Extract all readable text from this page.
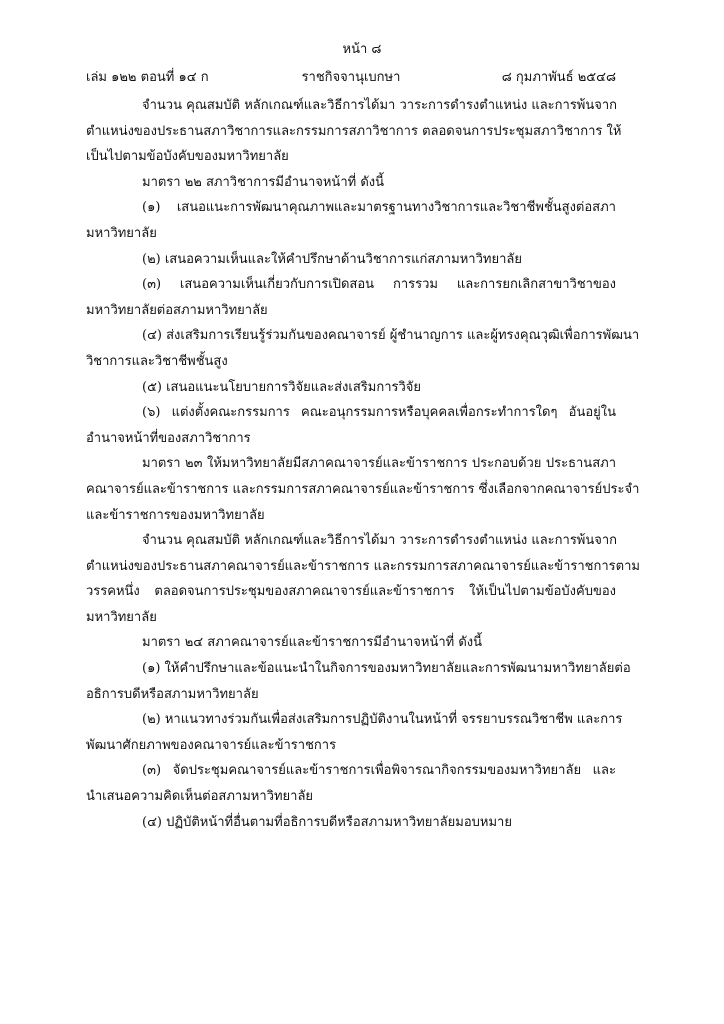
หน้า ๘
เล่ม ๑๒๒ ตอนที่ ๑๔ ก	ราชกิจจานุเบกษา	๘ กุมภาพันธ์ ๒๕๔๘
จำนวน คุณสมบัติ หลักเกณฑ์และวิธีการได้มา วาระการดำรงตำแหน่ง และการพ้นจาก
ตำแหน่งของประธานสภาวิชาการและกรรมการสภาวิชาการ ตลอดจนการประชุมสภาวิชาการ ให้
เป็นไปตามข้อบังคับของมหาวิทยาลัย
มาตรา ๒๒ สภาวิชาการมีอำนาจหน้าที่ ดังนี้
(๑) เสนอแนะการพัฒนาคุณภาพและมาตรฐานทางวิชาการและวิชาชีพชั้นสูงต่อสภา
มหาวิทยาลัย
(๒) เสนอความเห็นและให้คำปรึกษาด้านวิชาการแก่สภามหาวิทยาลัย
(๓) เสนอความเห็นเกี่ยวกับการเปิดสอน การรวม และการยกเลิกสาขาวิชาของ
มหาวิทยาลัยต่อสภามหาวิทยาลัย
(๔) ส่งเสริมการเรียนรู้ร่วมกันของคณาจารย์ ผู้ชำนาญการ และผู้ทรงคุณวุฒิเพื่อการพัฒนา
วิชาการและวิชาชีพชั้นสูง
(๕) เสนอแนะนโยบายการวิจัยและส่งเสริมการวิจัย
(๖) แต่งตั้งคณะกรรมการ คณะอนุกรรมการหรือบุคคลเพื่อกระทำการใดๆ อันอยู่ใน
อำนาจหน้าที่ของสภาวิชาการ
มาตรา ๒๓ ให้มหาวิทยาลัยมีสภาคณาจารย์และข้าราชการ ประกอบด้วย ประธานสภา
คณาจารย์และข้าราชการ และกรรมการสภาคณาจารย์และข้าราชการ ซึ่งเลือกจากคณาจารย์ประจำ
และข้าราชการของมหาวิทยาลัย
จำนวน คุณสมบัติ หลักเกณฑ์และวิธีการได้มา วาระการดำรงตำแหน่ง และการพ้นจาก
ตำแหน่งของประธานสภาคณาจารย์และข้าราชการ และกรรมการสภาคณาจารย์และข้าราชการตาม
วรรคหนึ่ง ตลอดจนการประชุมของสภาคณาจารย์และข้าราชการ ให้เป็นไปตามข้อบังคับของ
มหาวิทยาลัย
มาตรา ๒๔ สภาคณาจารย์และข้าราชการมีอำนาจหน้าที่ ดังนี้
(๑) ให้คำปรึกษาและข้อแนะนำในกิจการของมหาวิทยาลัยและการพัฒนามหาวิทยาลัยต่อ
อธิการบดีหรือสภามหาวิทยาลัย
(๒) หาแนวทางร่วมกันเพื่อส่งเสริมการปฏิบัติงานในหน้าที่ จรรยาบรรณวิชาชีพ และการ
พัฒนาศักยภาพของคณาจารย์และข้าราชการ
(๓) จัดประชุมคณาจารย์และข้าราชการเพื่อพิจารณากิจกรรมของมหาวิทยาลัย และ
นำเสนอความคิดเห็นต่อสภามหาวิทยาลัย
(๔) ปฏิบัติหน้าที่อื่นตามที่อธิการบดีหรือสภามหาวิทยาลัยมอบหมาย
